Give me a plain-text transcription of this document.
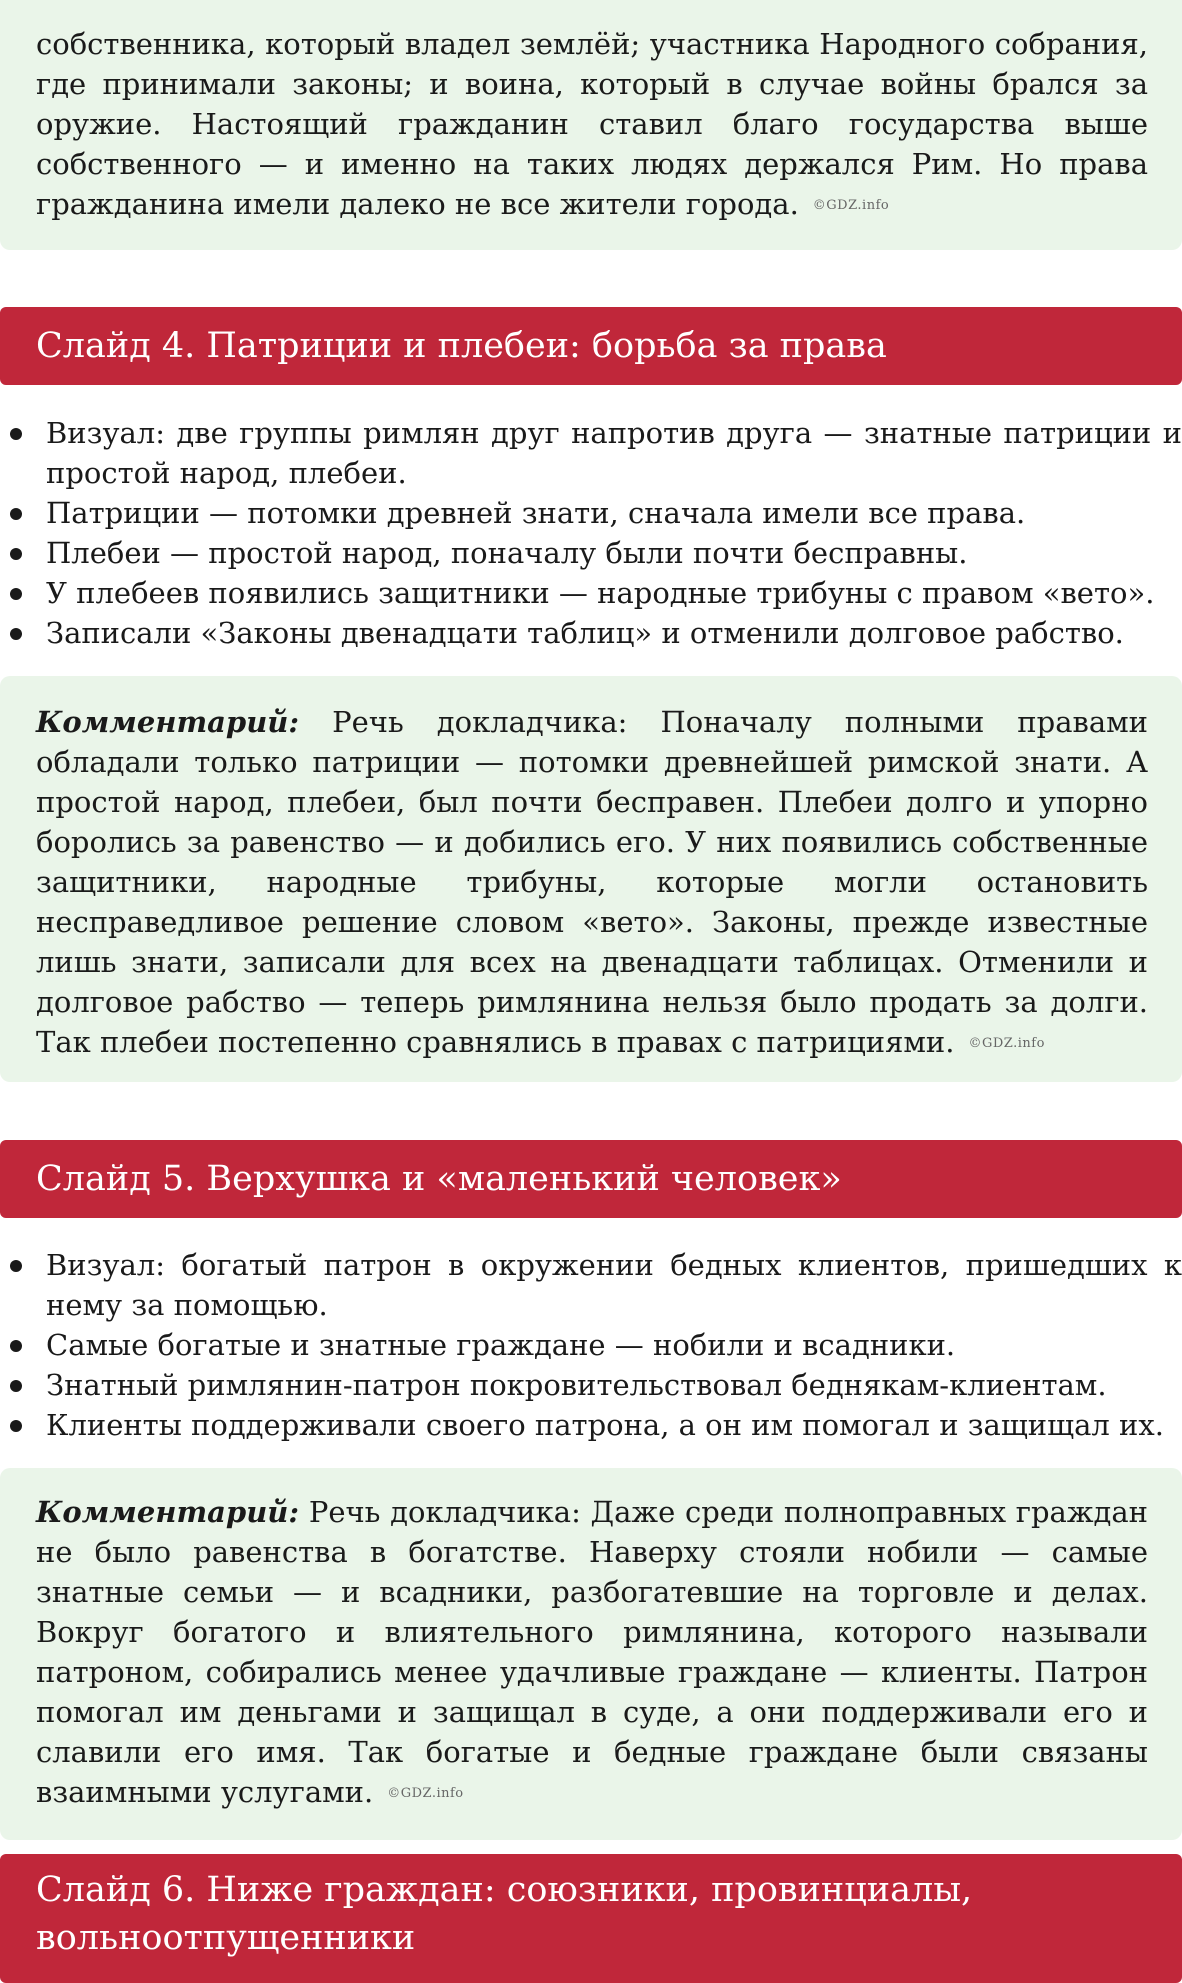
собственника, который владел землёй; участника Народного собрания, где принимали законы; и воина, который в случае войны брался за оружие. Настоящий гражданин ставил благо государства выше собственного — и именно на таких людях держался Рим. Но права гражданина имели далеко не все жители города. ©GDZ.info

Слайд 4. Патриции и плебеи: борьба за права
Визуал: две группы римлян друг напротив друга — знатные патриции и простой народ, плебеи.
Патриции — потомки древней знати, сначала имели все права.
Плебеи — простой народ, поначалу были почти бесправны.
У плебеев появились защитники — народные трибуны с правом «вето».
Записали «Законы двенадцати таблиц» и отменили долговое рабство.

Комментарий: Речь докладчика: Поначалу полными правами обладали только патриции — потомки древнейшей римской знати. А простой народ, плебеи, был почти бесправен. Плебеи долго и упорно боролись за равенство — и добились его. У них появились собственные защитники, народные трибуны, которые могли остановить несправедливое решение словом «вето». Законы, прежде известные лишь знати, записали для всех на двенадцати таблицах. Отменили и долговое рабство — теперь римлянина нельзя было продать за долги. Так плебеи постепенно сравнялись в правах с патрициями. ©GDZ.info

Слайд 5. Верхушка и «маленький человек»
Визуал: богатый патрон в окружении бедных клиентов, пришедших к нему за помощью.
Самые богатые и знатные граждане — нобили и всадники.
Знатный римлянин-патрон покровительствовал беднякам-клиентам.
Клиенты поддерживали своего патрона, а он им помогал и защищал их.

Комментарий: Речь докладчика: Даже среди полноправных граждан не было равенства в богатстве. Наверху стояли нобили — самые знатные семьи — и всадники, разбогатевшие на торговле и делах. Вокруг богатого и влиятельного римлянина, которого называли патроном, собирались менее удачливые граждане — клиенты. Патрон помогал им деньгами и защищал в суде, а они поддерживали его и славили его имя. Так богатые и бедные граждане были связаны взаимными услугами. ©GDZ.info

Слайд 6. Ниже граждан: союзники, провинциалы, вольноотпущенники
